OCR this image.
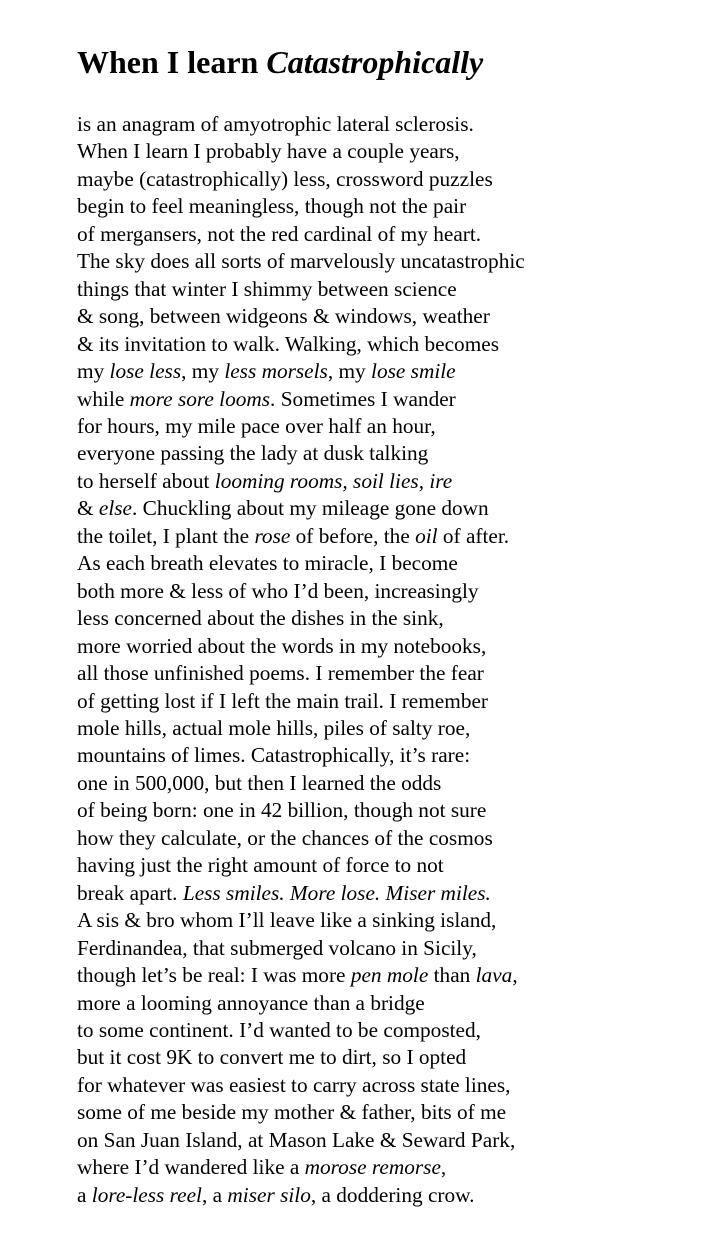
When I learn Catastrophically
is an anagram of amyotrophic lateral sclerosis.
When I learn I probably have a couple years,
maybe (catastrophically) less, crossword puzzles
begin to feel meaningless, though not the pair
of mergansers, not the red cardinal of my heart.
The sky does all sorts of marvelously uncatastrophic
things that winter I shimmy between science
& song, between widgeons & windows, weather
& its invitation to walk. Walking, which becomes
my lose less, my less morsels, my lose smile
while more sore looms. Sometimes I wander
for hours, my mile pace over half an hour,
everyone passing the lady at dusk talking
to herself about looming rooms, soil lies, ire
& else. Chuckling about my mileage gone down
the toilet, I plant the rose of before, the oil of after.
As each breath elevates to miracle, I become
both more & less of who I’d been, increasingly
less concerned about the dishes in the sink,
more worried about the words in my notebooks,
all those unfinished poems. I remember the fear
of getting lost if I left the main trail. I remember
mole hills, actual mole hills, piles of salty roe,
mountains of limes. Catastrophically, it’s rare:
one in 500,000, but then I learned the odds
of being born: one in 42 billion, though not sure
how they calculate, or the chances of the cosmos
having just the right amount of force to not
break apart. Less smiles. More lose. Miser miles.
A sis & bro whom I’ll leave like a sinking island,
Ferdinandea, that submerged volcano in Sicily,
though let’s be real: I was more pen mole than lava,
more a looming annoyance than a bridge
to some continent. I’d wanted to be composted,
but it cost 9K to convert me to dirt, so I opted
for whatever was easiest to carry across state lines,
some of me beside my mother & father, bits of me
on San Juan Island, at Mason Lake & Seward Park,
where I’d wandered like a morose remorse,
a lore-less reel, a miser silo, a doddering crow.
